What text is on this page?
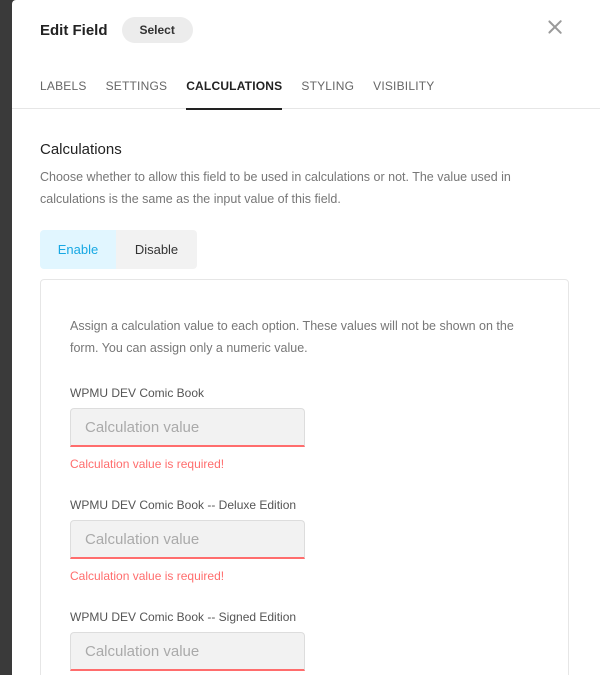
Edit Field	Select
LABELS SETTINGS CALCULATIONS STYLING VISIBILITY
Calculations
Choose whether to allow this field to be used in calculations or not. The value used in calculations is the same as the input value of this field.
Enable	Disable
Assign a calculation value to each option. These values will not be shown on the form. You can assign only a numeric value.
WPMU DEV Comic Book
Calculation value
Calculation value is required!
WPMU DEV Comic Book -- Deluxe Edition
Calculation value
Calculation value is required!
WPMU DEV Comic Book -- Signed Edition
Calculation value
